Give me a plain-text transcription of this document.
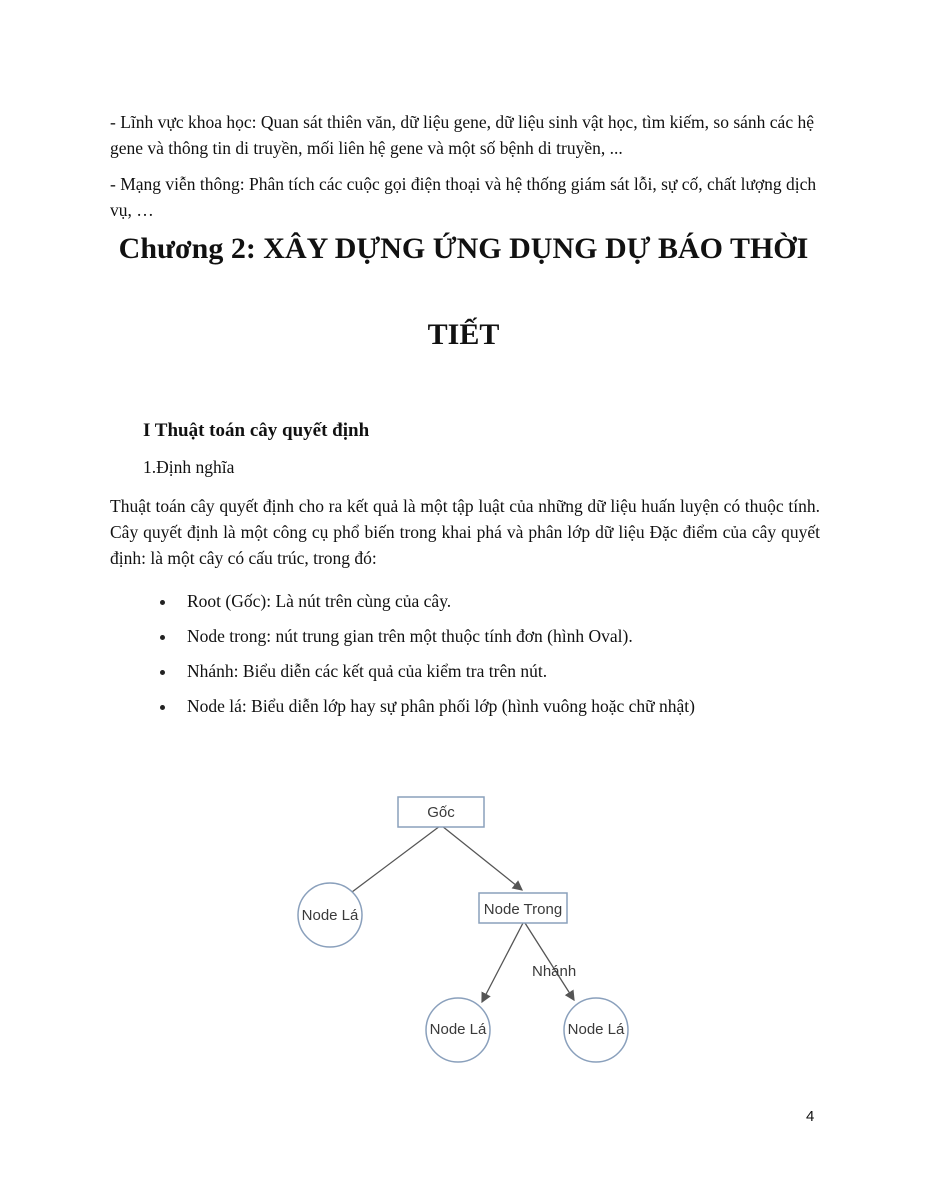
- Lĩnh vực khoa học: Quan sát thiên văn, dữ liệu gene, dữ liệu sinh vật học, tìm kiếm, so sánh các hệ gene và thông tin di truyền, mối liên hệ gene và một số bệnh di truyền, ...

- Mạng viễn thông: Phân tích các cuộc gọi điện thoại và hệ thống giám sát lỗi, sự cố, chất lượng dịch vụ, …

Chương 2: XÂY DỰNG ỨNG DỤNG DỰ BÁO THỜI
TIẾT
I Thuật toán cây quyết định

1.Định nghĩa

Thuật toán cây quyết định cho ra kết quả là một tập luật của những dữ liệu huấn luyện có thuộc tính. Cây quyết định là một công cụ phổ biến trong khai phá và phân lớp dữ liệu Đặc điểm của cây quyết định: là một cây có cấu trúc, trong đó:

Root (Gốc): Là nút trên cùng của cây.
Node trong: nút trung gian trên một thuộc tính đơn (hình Oval).
Nhánh: Biểu diễn các kết quả của kiểm tra trên nút.
Node lá: Biểu diễn lớp hay sự phân phối lớp (hình vuông hoặc chữ nhật)
Gốc
Node Trong
Node Lá
Node Lá	Node Lá
Nhánh

4
